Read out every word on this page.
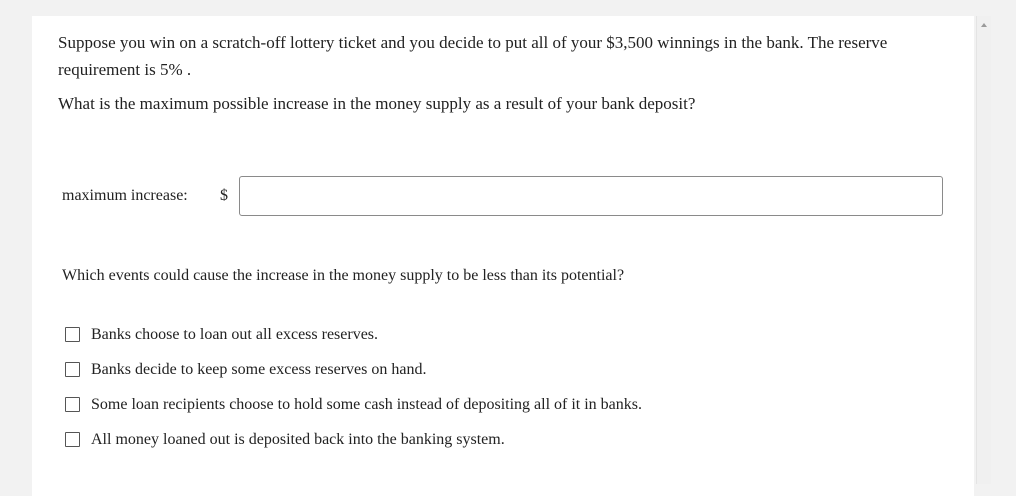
Suppose you win on a scratch-off lottery ticket and you decide to put all of your $3,500 winnings in the bank. The reserve requirement is 5% .
What is the maximum possible increase in the money supply as a result of your bank deposit?
maximum increase: $
Which events could cause the increase in the money supply to be less than its potential?
Banks choose to loan out all excess reserves.
Banks decide to keep some excess reserves on hand.
Some loan recipients choose to hold some cash instead of depositing all of it in banks.
All money loaned out is deposited back into the banking system.
